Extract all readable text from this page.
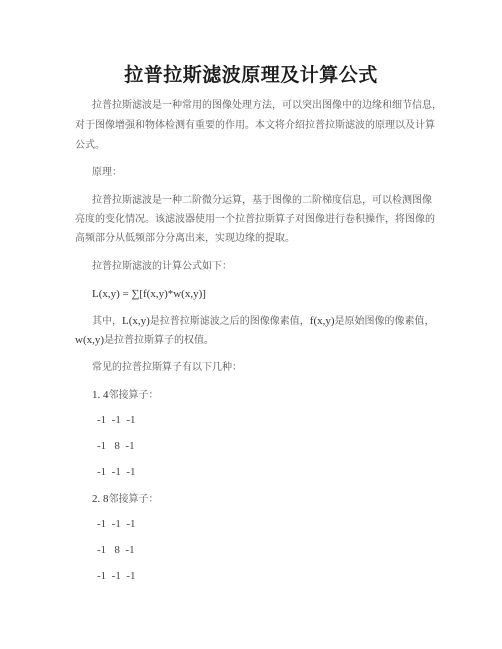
拉普拉斯滤波原理及计算公式
拉普拉斯滤波是一种常用的图像处理方法，可以突出图像中的边缘和细节信息，
对于图像增强和物体检测有重要的作用。本文将介绍拉普拉斯滤波的原理以及计算
公式。
原理：
拉普拉斯滤波是一种二阶微分运算，基于图像的二阶梯度信息，可以检测图像
亮度的变化情况。该滤波器使用一个拉普拉斯算子对图像进行卷积操作，将图像的
高频部分从低频部分分离出来，实现边缘的提取。
拉普拉斯滤波的计算公式如下：
L(x,y) = ∑[f(x,y)*w(x,y)]
其中，L(x,y)是拉普拉斯滤波之后的图像像素值，f(x,y)是原始图像的像素值，
w(x,y)是拉普拉斯算子的权值。
常见的拉普拉斯算子有以下几种：
1. 4邻接算子：
-1  -1  -1
-1   8  -1
-1  -1  -1
2. 8邻接算子：
-1  -1  -1
-1   8  -1
-1  -1  -1
